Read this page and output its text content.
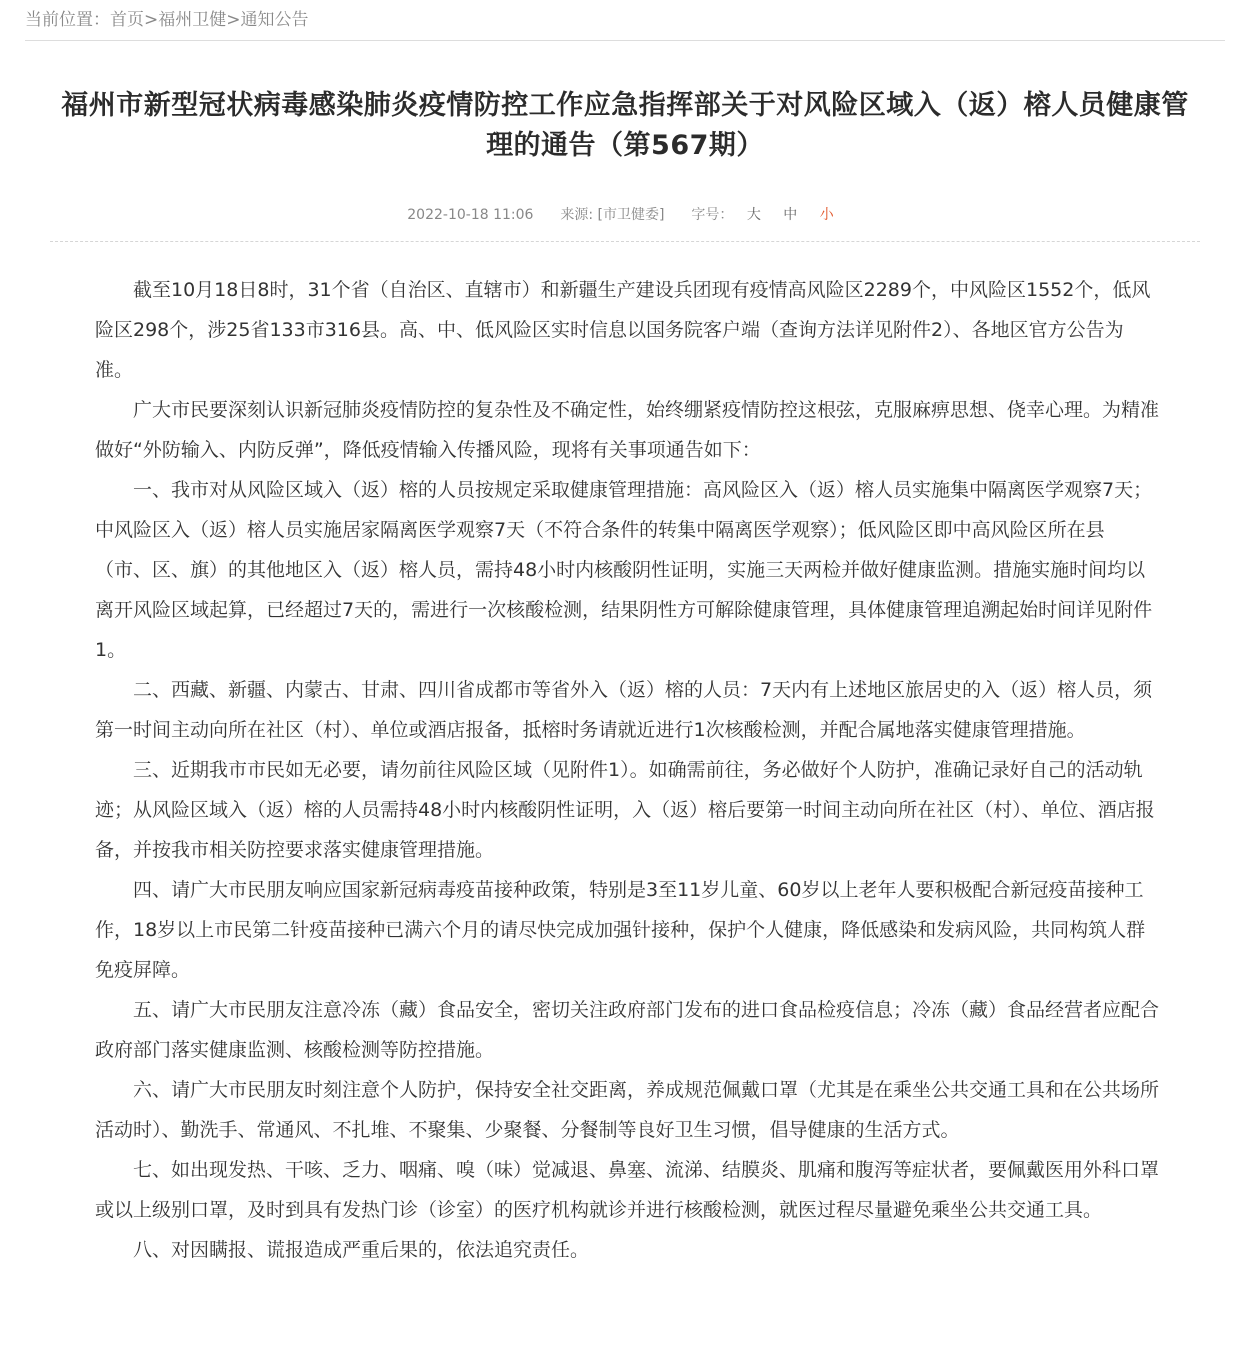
当前位置：首页>福州卫健>通知公告
福州市新型冠状病毒感染肺炎疫情防控工作应急指挥部关于对风险区域入（返）榕人员健康管理的通告（第567期）
2022-10-18 11:06 来源: [市卫健委] 字号： 大 中 小

截至10月18日8时，31个省（自治区、直辖市）和新疆生产建设兵团现有疫情高风险区2289个，中风险区1552个，低风险区298个，涉25省133市316县。高、中、低风险区实时信息以国务院客户端（查询方法详见附件2）、各地区官方公告为准。

广大市民要深刻认识新冠肺炎疫情防控的复杂性及不确定性，始终绷紧疫情防控这根弦，克服麻痹思想、侥幸心理。为精准做好“外防输入、内防反弹”，降低疫情输入传播风险，现将有关事项通告如下：

一、我市对从风险区域入（返）榕的人员按规定采取健康管理措施：高风险区入（返）榕人员实施集中隔离医学观察7天；中风险区入（返）榕人员实施居家隔离医学观察7天（不符合条件的转集中隔离医学观察）；低风险区即中高风险区所在县（市、区、旗）的其他地区入（返）榕人员，需持48小时内核酸阴性证明，实施三天两检并做好健康监测。措施实施时间均以离开风险区域起算，已经超过7天的，需进行一次核酸检测，结果阴性方可解除健康管理，具体健康管理追溯起始时间详见附件1。

二、西藏、新疆、内蒙古、甘肃、四川省成都市等省外入（返）榕的人员：7天内有上述地区旅居史的入（返）榕人员，须第一时间主动向所在社区（村）、单位或酒店报备，抵榕时务请就近进行1次核酸检测，并配合属地落实健康管理措施。

三、近期我市市民如无必要，请勿前往风险区域（见附件1）。如确需前往，务必做好个人防护，准确记录好自己的活动轨迹；从风险区域入（返）榕的人员需持48小时内核酸阴性证明，入（返）榕后要第一时间主动向所在社区（村）、单位、酒店报备，并按我市相关防控要求落实健康管理措施。

四、请广大市民朋友响应国家新冠病毒疫苗接种政策，特别是3至11岁儿童、60岁以上老年人要积极配合新冠疫苗接种工作，18岁以上市民第二针疫苗接种已满六个月的请尽快完成加强针接种，保护个人健康，降低感染和发病风险，共同构筑人群免疫屏障。

五、请广大市民朋友注意冷冻（藏）食品安全，密切关注政府部门发布的进口食品检疫信息；冷冻（藏）食品经营者应配合政府部门落实健康监测、核酸检测等防控措施。

六、请广大市民朋友时刻注意个人防护，保持安全社交距离，养成规范佩戴口罩（尤其是在乘坐公共交通工具和在公共场所活动时）、勤洗手、常通风、不扎堆、不聚集、少聚餐、分餐制等良好卫生习惯，倡导健康的生活方式。

七、如出现发热、干咳、乏力、咽痛、嗅（味）觉减退、鼻塞、流涕、结膜炎、肌痛和腹泻等症状者，要佩戴医用外科口罩或以上级别口罩，及时到具有发热门诊（诊室）的医疗机构就诊并进行核酸检测，就医过程尽量避免乘坐公共交通工具。

八、对因瞒报、谎报造成严重后果的，依法追究责任。
